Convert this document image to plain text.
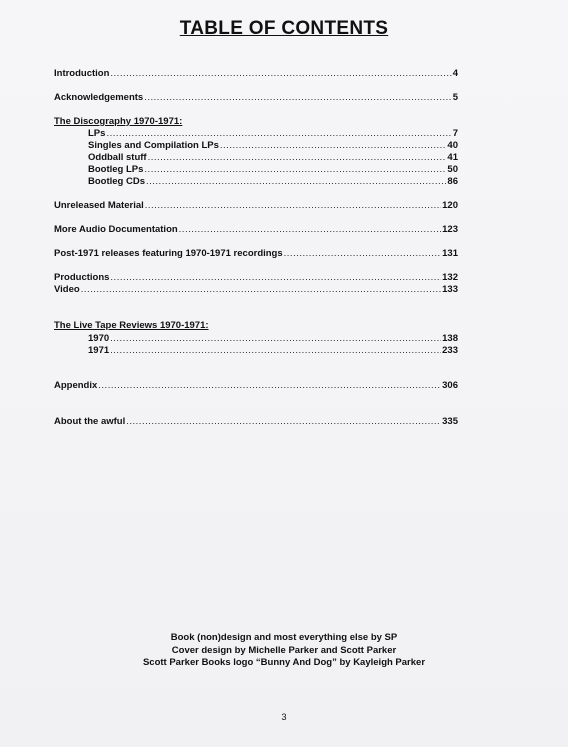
TABLE OF CONTENTS
Introduction .....	4
Acknowledgements .....	5
The Discography 1970-1971:
LPs .....	7
Singles and Compilation LPs .....	40
Oddball stuff .....	41
Bootleg LPs .....	50
Bootleg CDs .....	86
Unreleased Material .....	120
More Audio Documentation .....	123
Post-1971 releases featuring 1970-1971 recordings .....	131
Productions .....	132
Video .....	133
The Live Tape Reviews 1970-1971:
1970 .....	138
1971 .....	233
Appendix .....	306
About the awful .....	335
Book (non)design and most everything else by SP
Cover design by Michelle Parker and Scott Parker
Scott Parker Books logo “Bunny And Dog” by Kayleigh Parker
3
